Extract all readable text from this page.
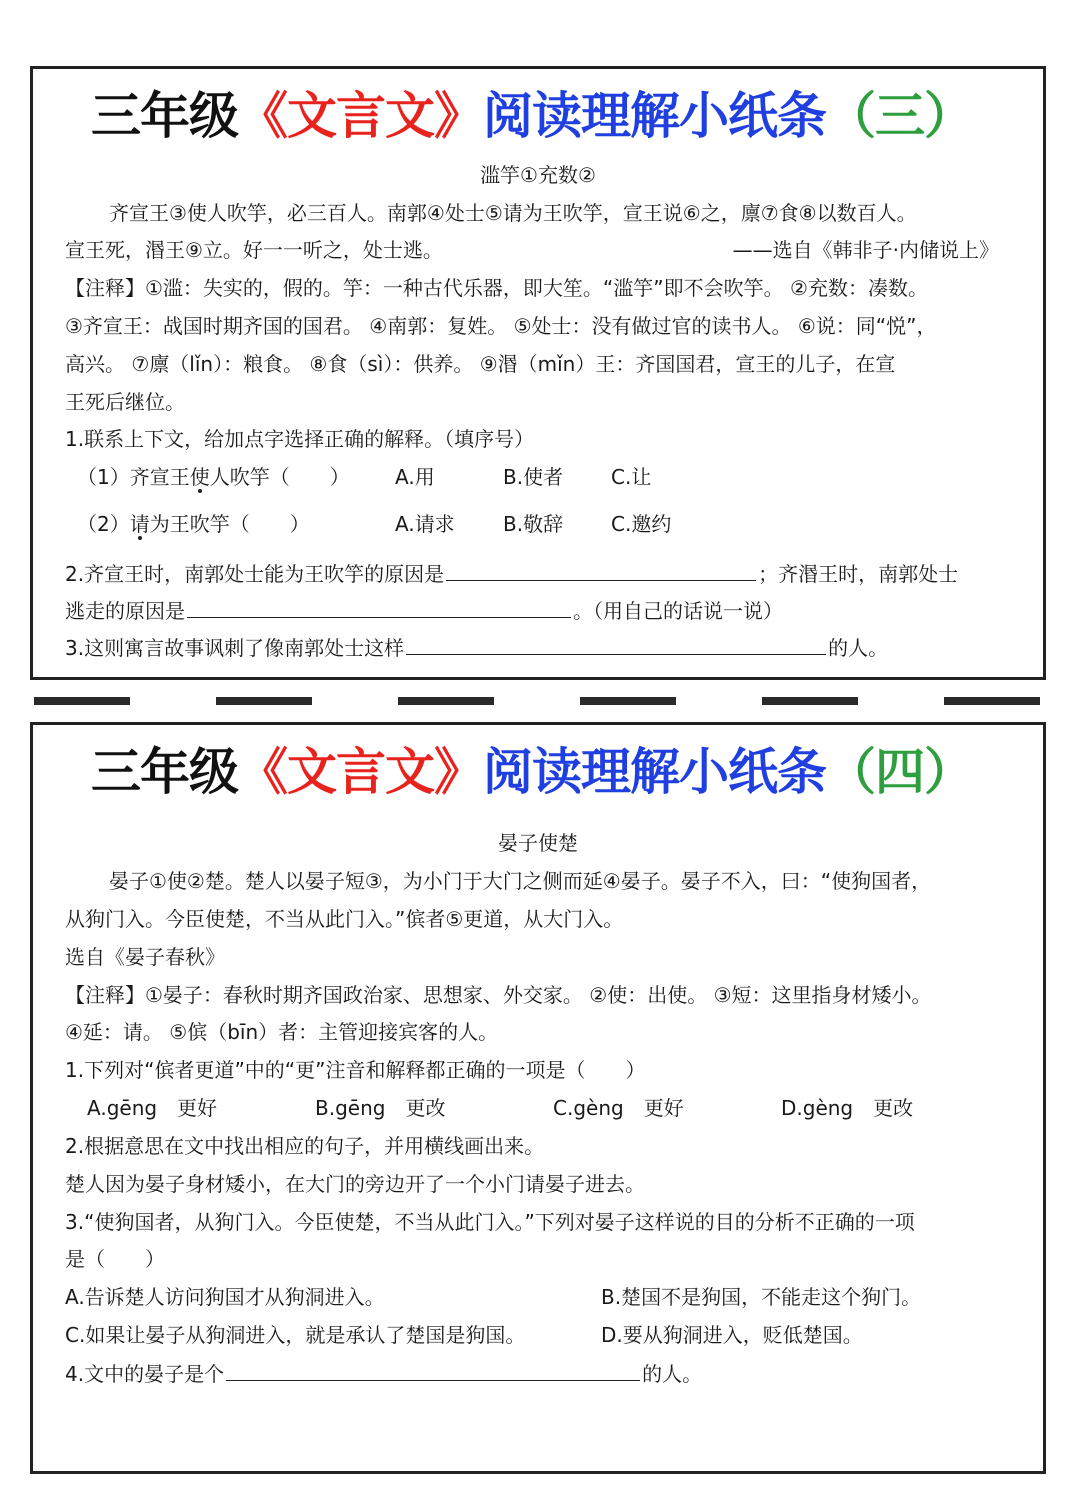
三年级《文言文》阅读理解小纸条（三）
滥竽①充数②
齐宣王③使人吹竽，必三百人。南郭④处士⑤请为王吹竽，宣王说⑥之，廪⑦食⑧以数百人。
宣王死，湣王⑨立。好一一听之，处士逃。	——选自《韩非子·内储说上》
【注释】①滥：失实的，假的。竽：一种古代乐器，即大笙。“滥竽”即不会吹竽。 ②充数：凑数。
③齐宣王：战国时期齐国的国君。 ④南郭：复姓。 ⑤处士：没有做过官的读书人。 ⑥说：同“悦”，
高兴。 ⑦廪（lǐn）：粮食。 ⑧食（sì）：供养。 ⑨湣（mǐn）王：齐国国君，宣王的儿子，在宣
王死后继位。
1.联系上下文，给加点字选择正确的解释。（填序号）
（1）齐宣王使人吹竽（　　） A.用	B.使者 C.让
（2）请为王吹竽（　　）	A.请求 B.敬辞 C.邀约
2.齐宣王时，南郭处士能为王吹竽的原因是	；齐湣王时，南郭处士
逃走的原因是	。（用自己的话说一说）
3.这则寓言故事讽刺了像南郭处士这样	的人。
三年级《文言文》阅读理解小纸条（四）
晏子使楚
晏子①使②楚。楚人以晏子短③，为小门于大门之侧而延④晏子。晏子不入，曰：“使狗国者，
从狗门入。今臣使楚，不当从此门入。”傧者⑤更道，从大门入。
选自《晏子春秋》
【注释】①晏子：春秋时期齐国政治家、思想家、外交家。 ②使：出使。 ③短：这里指身材矮小。
④延：请。 ⑤傧（bīn）者：主管迎接宾客的人。
1.下列对“傧者更道”中的“更”注音和解释都正确的一项是（　　）
A.gēng　更好	B.gēng　更改	C.gèng　更好	D.gèng　更改
2.根据意思在文中找出相应的句子，并用横线画出来。
楚人因为晏子身材矮小，在大门的旁边开了一个小门请晏子进去。
3.“使狗国者，从狗门入。今臣使楚，不当从此门入。”下列对晏子这样说的目的分析不正确的一项
是（　　）
A.告诉楚人访问狗国才从狗洞进入。	B.楚国不是狗国，不能走这个狗门。
C.如果让晏子从狗洞进入，就是承认了楚国是狗国。	D.要从狗洞进入，贬低楚国。
4.文中的晏子是个	的人。
